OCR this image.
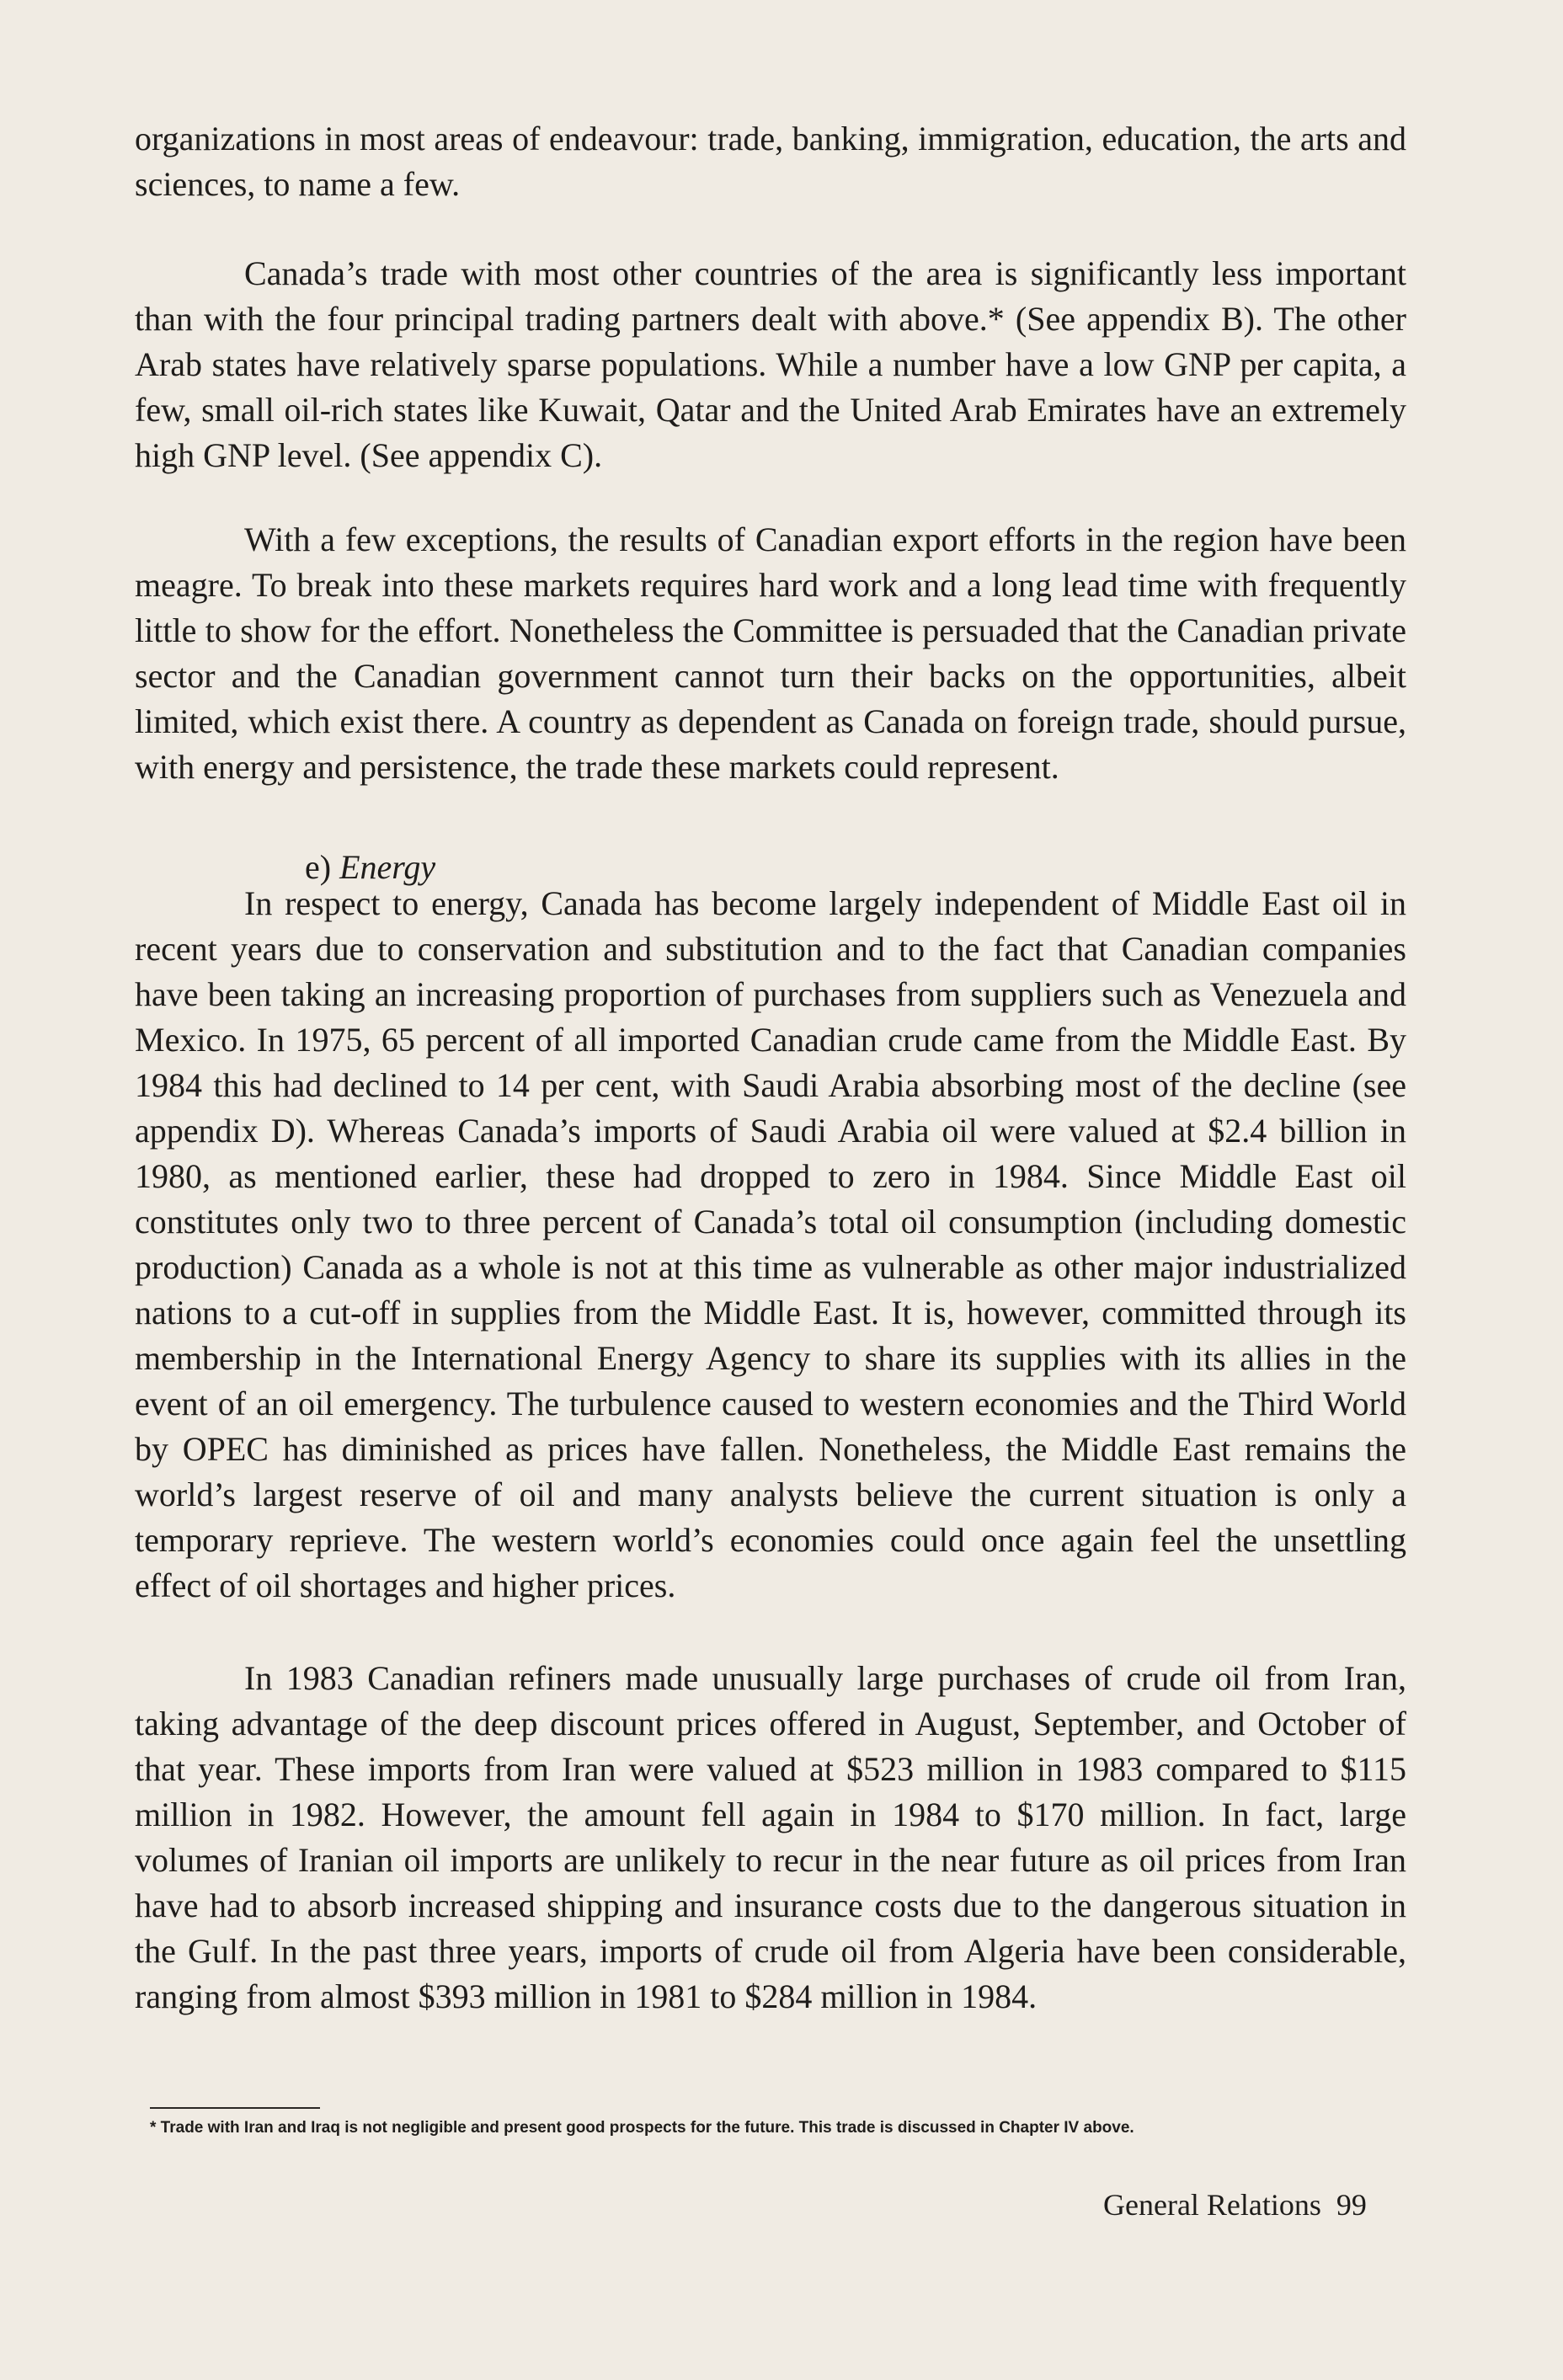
organizations in most areas of endeavour: trade, banking, immigration, education, the arts and sciences, to name a few.

Canada’s trade with most other countries of the area is significantly less important than with the four principal trading partners dealt with above.* (See appendix B). The other Arab states have relatively sparse populations. While a number have a low GNP per capita, a few, small oil-rich states like Kuwait, Qatar and the United Arab Emirates have an extremely high GNP level. (See appendix C).

With a few exceptions, the results of Canadian export efforts in the region have been meagre. To break into these markets requires hard work and a long lead time with frequently little to show for the effort. Nonetheless the Committee is persuaded that the Canadian private sector and the Canadian government cannot turn their backs on the opportunities, albeit limited, which exist there. A country as dependent as Canada on foreign trade, should pursue, with energy and persistence, the trade these markets could represent.

e) Energy

In respect to energy, Canada has become largely independent of Middle East oil in recent years due to conservation and substitution and to the fact that Canadian companies have been taking an increasing proportion of purchases from suppliers such as Venezuela and Mexico. In 1975, 65 percent of all imported Canadian crude came from the Middle East. By 1984 this had declined to 14 per cent, with Saudi Arabia absorbing most of the decline (see appendix D). Whereas Canada’s imports of Saudi Arabia oil were valued at $2.4 billion in 1980, as mentioned earlier, these had dropped to zero in 1984. Since Middle East oil constitutes only two to three percent of Canada’s total oil consumption (including domestic production) Canada as a whole is not at this time as vulnerable as other major industrialized nations to a cut-off in supplies from the Middle East. It is, however, committed through its membership in the International Energy Agency to share its supplies with its allies in the event of an oil emergency. The turbulence caused to western economies and the Third World by OPEC has diminished as prices have fallen. Nonetheless, the Middle East remains the world’s largest reserve of oil and many analysts believe the current situation is only a temporary reprieve. The western world’s economies could once again feel the unsettling effect of oil shortages and higher prices.

In 1983 Canadian refiners made unusually large purchases of crude oil from Iran, taking advantage of the deep discount prices offered in August, September, and October of that year. These imports from Iran were valued at $523 million in 1983 compared to $115 million in 1982. However, the amount fell again in 1984 to $170 million. In fact, large volumes of Iranian oil imports are unlikely to recur in the near future as oil prices from Iran have had to absorb increased shipping and insurance costs due to the dangerous situation in the Gulf. In the past three years, imports of crude oil from Algeria have been considerable, ranging from almost $393 million in 1981 to $284 million in 1984.

* Trade with Iran and Iraq is not negligible and present good prospects for the future. This trade is discussed in Chapter IV above.
General Relations 99
